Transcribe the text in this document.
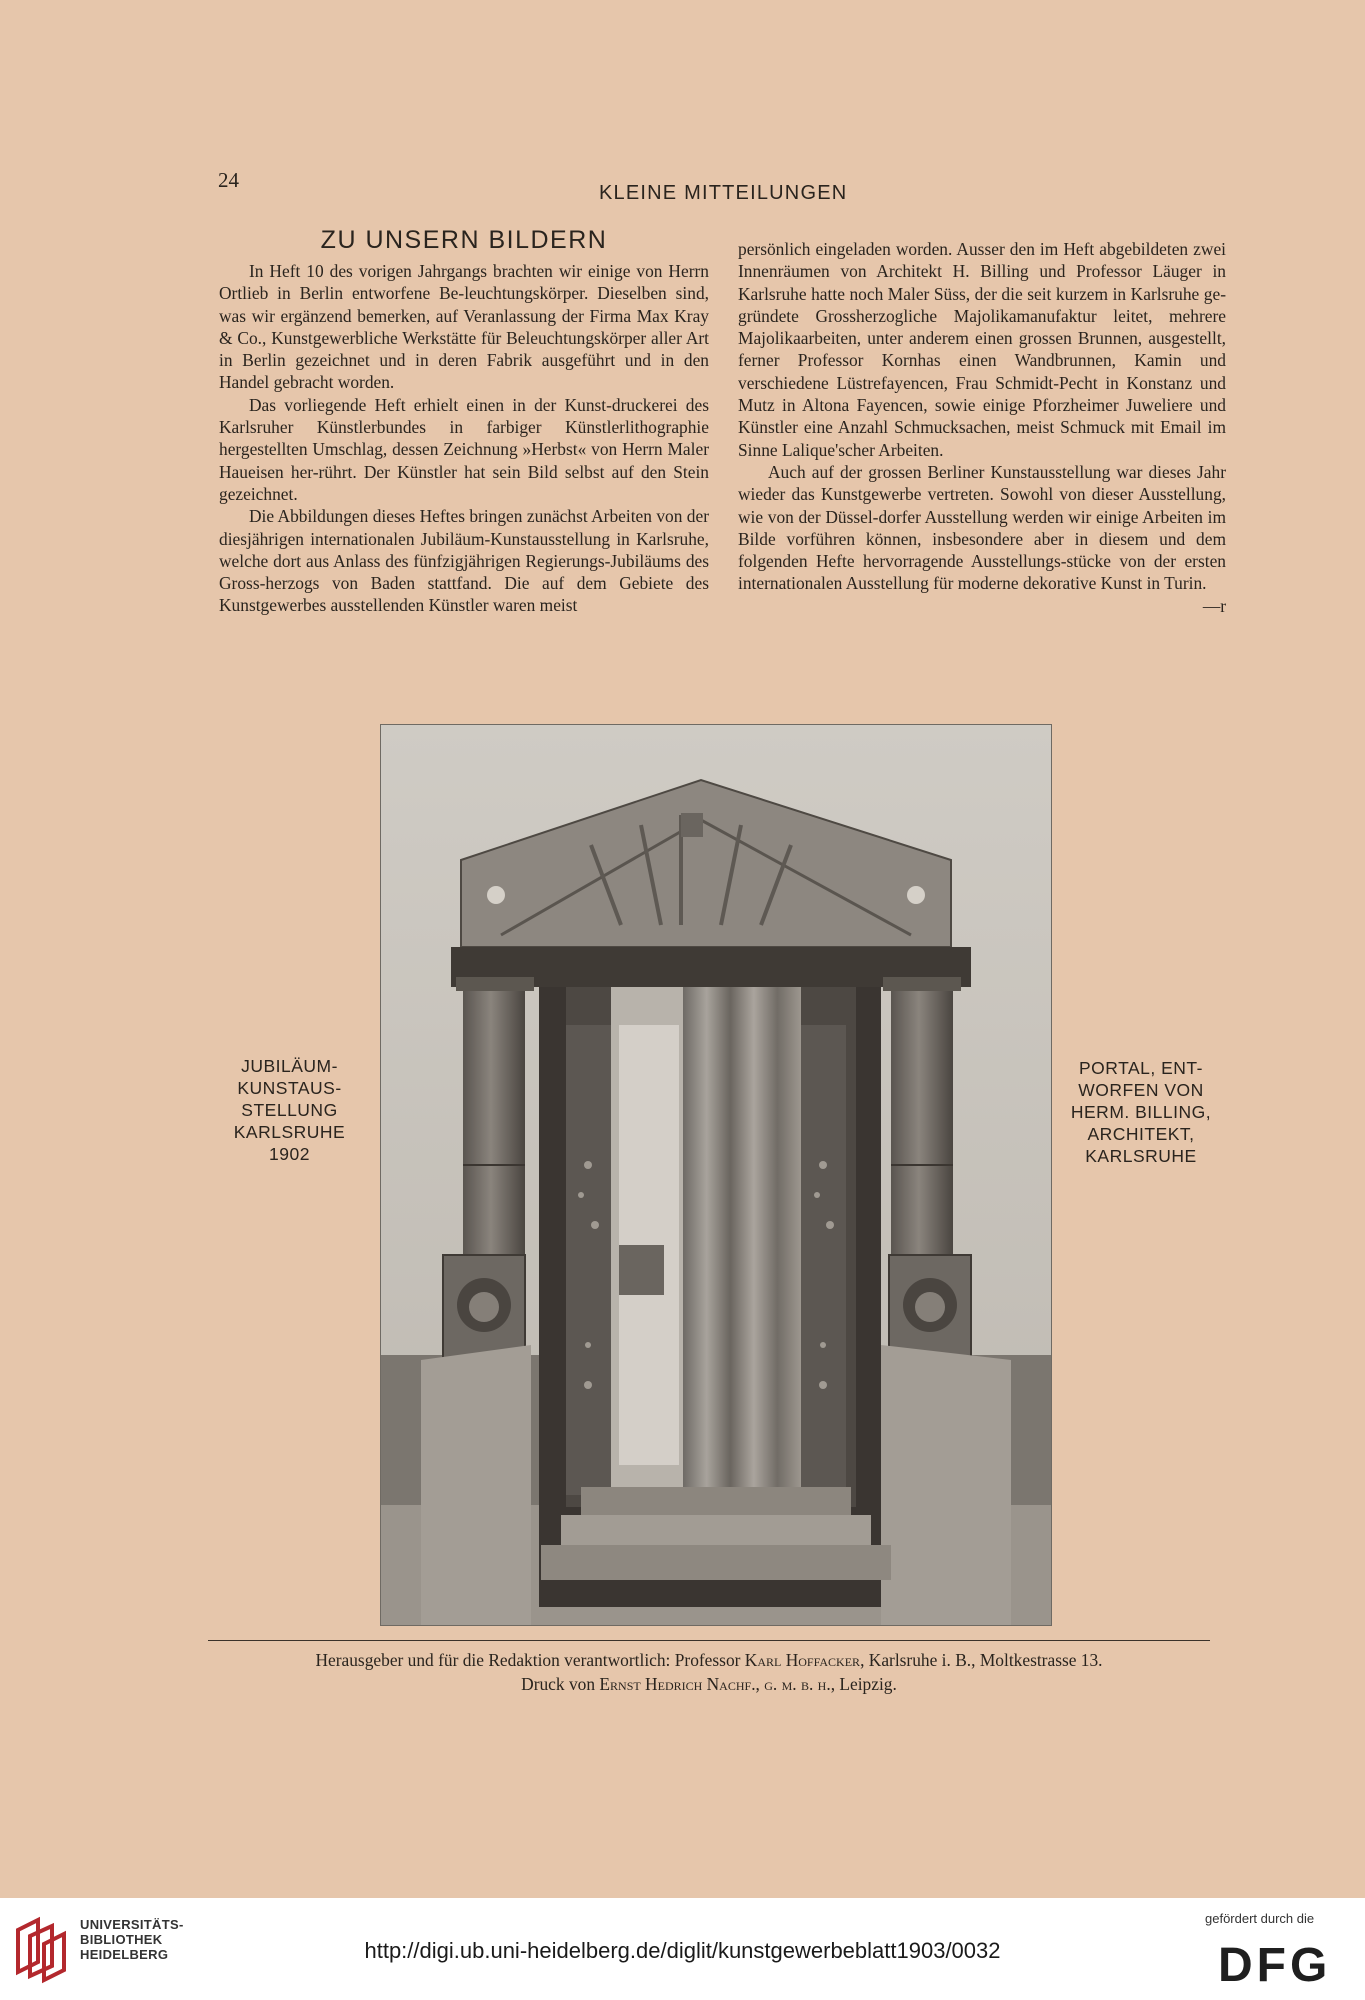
24
KLEINE MITTEILUNGEN
ZU UNSERN BILDERN

In Heft 10 des vorigen Jahrgangs brachten wir einige von Herrn Ortlieb in Berlin entworfene Be-leuchtungskörper. Dieselben sind, was wir ergänzend bemerken, auf Veranlassung der Firma Max Kray & Co., Kunstgewerbliche Werkstätte für Beleuchtungskörper aller Art in Berlin gezeichnet und in deren Fabrik ausgeführt und in den Handel gebracht worden.

Das vorliegende Heft erhielt einen in der Kunst-druckerei des Karlsruher Künstlerbundes in farbiger Künstlerlithographie hergestellten Umschlag, dessen Zeichnung »Herbst« von Herrn Maler Haueisen her-rührt. Der Künstler hat sein Bild selbst auf den Stein gezeichnet.

Die Abbildungen dieses Heftes bringen zunächst Arbeiten von der diesjährigen internationalen Jubiläum-Kunstausstellung in Karlsruhe, welche dort aus Anlass des fünfzigjährigen Regierungs-Jubiläums des Gross-herzogs von Baden stattfand. Die auf dem Gebiete des Kunstgewerbes ausstellenden Künstler waren meist

persönlich eingeladen worden. Ausser den im Heft abgebildeten zwei Innenräumen von Architekt H. Billing und Professor Läuger in Karlsruhe hatte noch Maler Süss, der die seit kurzem in Karlsruhe ge-gründete Grossherzogliche Majolikamanufaktur leitet, mehrere Majolikaarbeiten, unter anderem einen grossen Brunnen, ausgestellt, ferner Professor Kornhas einen Wandbrunnen, Kamin und verschiedene Lüstrefayencen, Frau Schmidt-Pecht in Konstanz und Mutz in Altona Fayencen, sowie einige Pforzheimer Juweliere und Künstler eine Anzahl Schmucksachen, meist Schmuck mit Email im Sinne Lalique'scher Arbeiten.

Auch auf der grossen Berliner Kunstausstellung war dieses Jahr wieder das Kunstgewerbe vertreten. Sowohl von dieser Ausstellung, wie von der Düssel-dorfer Ausstellung werden wir einige Arbeiten im Bilde vorführen können, insbesondere aber in diesem und dem folgenden Hefte hervorragende Ausstellungs-stücke von der ersten internationalen Ausstellung für moderne dekorative Kunst in Turin.
—r

JUBILÄUM-
KUNSTAUS-
STELLUNG
KARLSRUHE
1902
PORTAL, ENT-
WORFEN VON
HERM. BILLING,
ARCHITEKT,
KARLSRUHE
Herausgeber und für die Redaktion verantwortlich: Professor Karl Hoffacker, Karlsruhe i. B., Moltkestrasse 13.
Druck von Ernst Hedrich Nachf., g. m. b. h., Leipzig.
UNIVERSITÄTS-
BIBLIOTHEK
HEIDELBERG	http://digi.ub.uni-heidelberg.de/diglit/kunstgewerbeblatt1903/0032
gefördert durch die
DFG
